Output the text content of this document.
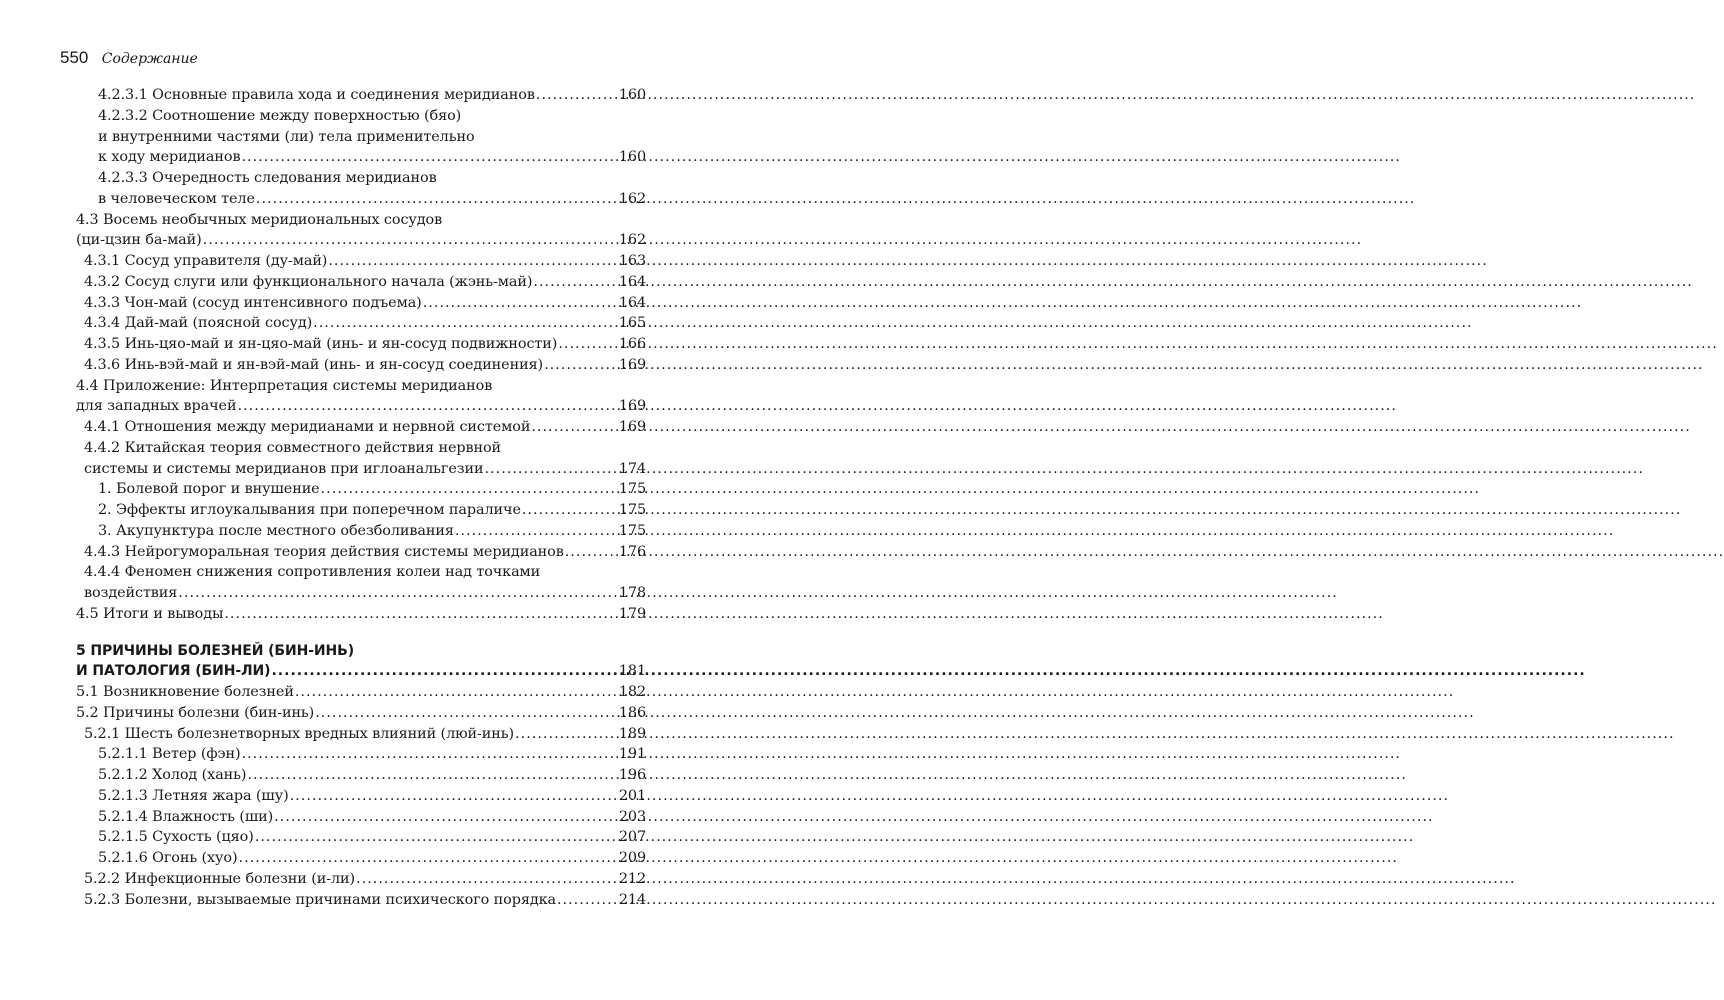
550 Содержание
4.2.3.1 Основные правила хода и соединения меридианов .....	160
4.2.3.2 Соотношение между поверхностью (бяо)
и внутренними частями (ли) тела применительно
к ходу меридианов .....	160
4.2.3.3 Очередность следования меридианов
в человеческом теле .....	162
4.3 Восемь необычных меридиональных сосудов
(ци-цзин ба-май) .....	162
4.3.1 Сосуд управителя (ду-май) .....	163
4.3.2 Сосуд слуги или функционального начала (жэнь-май) .....	164
4.3.3 Чон-май (сосуд интенсивного подъема) .....	164
4.3.4 Дай-май (поясной сосуд) .....	165
4.3.5 Инь-цяо-май и ян-цяо-май (инь- и ян-сосуд подвижности) .....	166
4.3.6 Инь-вэй-май и ян-вэй-май (инь- и ян-сосуд соединения) .....	169
4.4 Приложение: Интерпретация системы меридианов
для западных врачей .....	169
4.4.1 Отношения между меридианами и нервной системой .....	169
4.4.2 Китайская теория совместного действия нервной
системы и системы меридианов при иглоанальгезии .....	174
1. Болевой порог и внушение .....	175
2. Эффекты иглоукалывания при поперечном параличе .....	175
3. Акупунктура после местного обезболивания .....	175
4.4.3 Нейрогуморальная теория действия системы меридианов .....	176
4.4.4 Феномен снижения сопротивления колеи над точками
воздействия .....	178
4.5 Итоги и выводы .....	179
5 ПРИЧИНЫ БОЛЕЗНЕЙ (БИН-ИНЬ)
И ПАТОЛОГИЯ (БИН-ЛИ) .....	181
5.1 Возникновение болезней .....	182
5.2 Причины болезни (бин-инь) .....	186
5.2.1 Шесть болезнетворных вредных влияний (люй-инь) .....	189
5.2.1.1 Ветер (фэн) .....	191
5.2.1.2 Холод (хань) .....	196
5.2.1.3 Летняя жара (шу) .....	201
5.2.1.4 Влажность (ши) .....	203
5.2.1.5 Сухость (цяо) .....	207
5.2.1.6 Огонь (хуо) .....	209
5.2.2 Инфекционные болезни (и-ли) .....	212
5.2.3 Болезни, вызываемые причинами психического порядка .....	214
